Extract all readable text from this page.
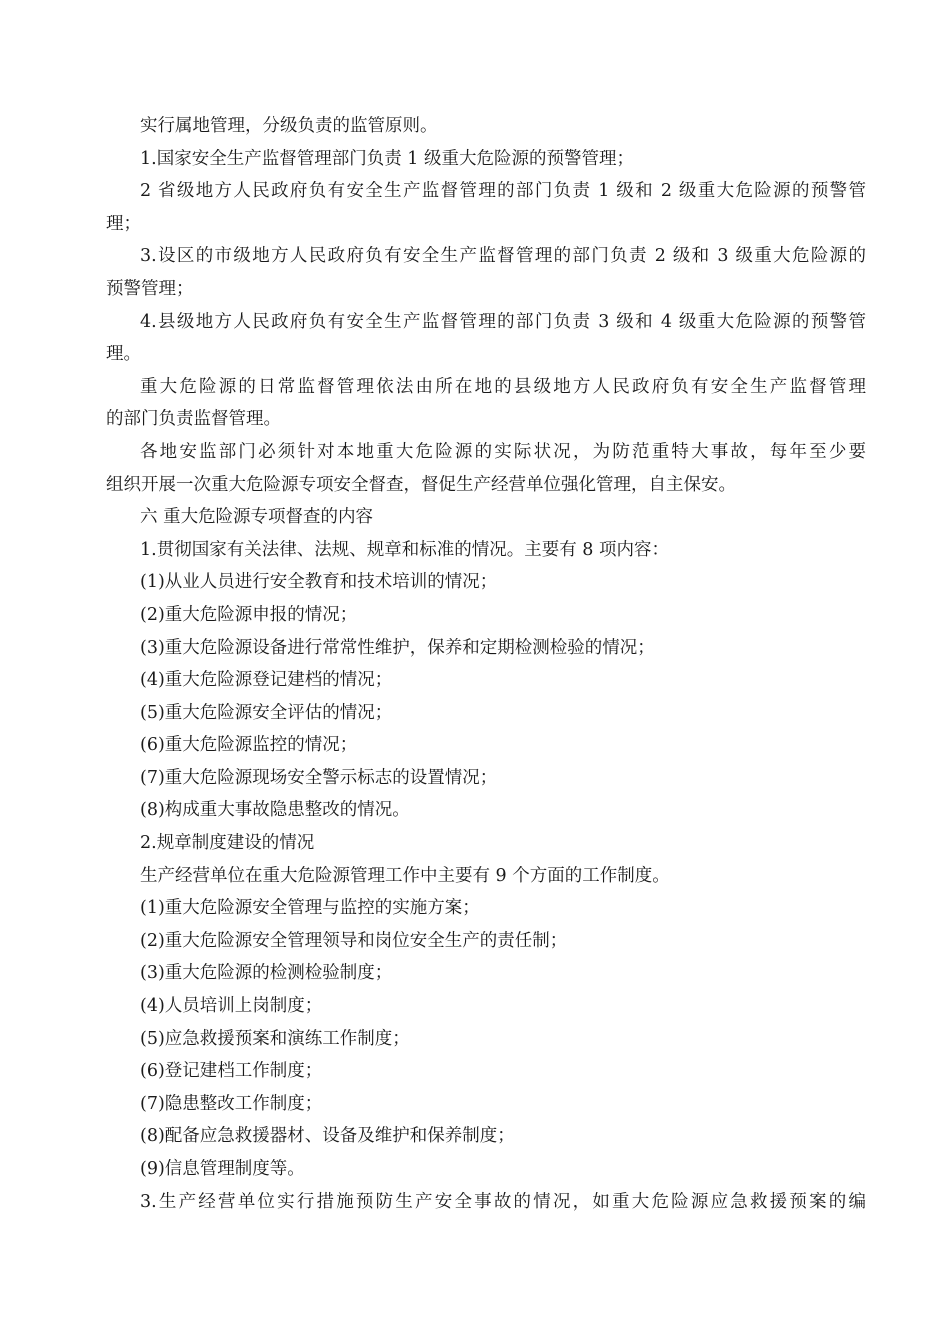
实行属地管理，分级负责的监管原则。
1.国家安全生产监督管理部门负责 1 级重大危险源的预警管理；
2 省级地方人民政府负有安全生产监督管理的部门负责 1 级和 2 级重大危险源的预警管
理；
3.设区的市级地方人民政府负有安全生产监督管理的部门负责 2 级和 3 级重大危险源的
预警管理；
4.县级地方人民政府负有安全生产监督管理的部门负责 3 级和 4 级重大危险源的预警管
理。
重大危险源的日常监督管理依法由所在地的县级地方人民政府负有安全生产监督管理
的部门负责监督管理。
各地安监部门必须针对本地重大危险源的实际状况，为防范重特大事故，每年至少要
组织开展一次重大危险源专项安全督查，督促生产经营单位强化管理，自主保安。
六 重大危险源专项督查的内容
1.贯彻国家有关法律、法规、规章和标准的情况。主要有 8 项内容：
(1)从业人员进行安全教育和技术培训的情况；
(2)重大危险源申报的情况；
(3)重大危险源设备进行常常性维护，保养和定期检测检验的情况；
(4)重大危险源登记建档的情况；
(5)重大危险源安全评估的情况；
(6)重大危险源监控的情况；
(7)重大危险源现场安全警示标志的设置情况；
(8)构成重大事故隐患整改的情况。
2.规章制度建设的情况
生产经营单位在重大危险源管理工作中主要有 9 个方面的工作制度。
(1)重大危险源安全管理与监控的实施方案；
(2)重大危险源安全管理领导和岗位安全生产的责任制；
(3)重大危险源的检测检验制度；
(4)人员培训上岗制度；
(5)应急救援预案和演练工作制度；
(6)登记建档工作制度；
(7)隐患整改工作制度；
(8)配备应急救援器材、设备及维护和保养制度；
(9)信息管理制度等。
3.生产经营单位实行措施预防生产安全事故的情况，如重大危险源应急救援预案的编
